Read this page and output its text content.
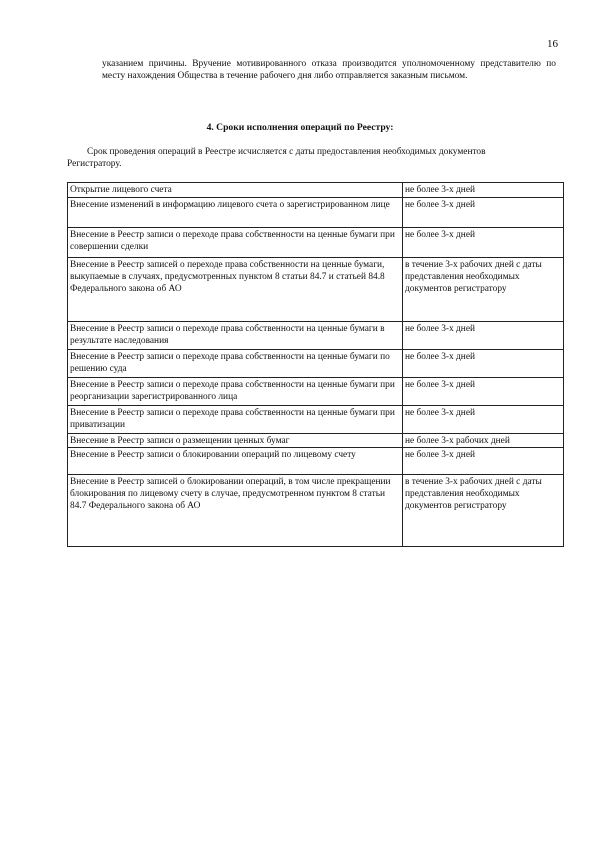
16
указанием причины. Вручение мотивированного отказа производится уполномоченному представителю по месту нахождения Общества в течение рабочего дня либо отправляется заказным письмом.
4. Сроки исполнения операций по Реестру:
Срок проведения операций в Реестре исчисляется с даты предоставления необходимых документов Регистратору.
Открытие лицевого счета	не более 3-х дней
Внесение изменений в информацию лицевого счета о зарегистрированном лице	не более 3-х дней
Внесение в Реестр записи о переходе права собственности на ценные бумаги при совершении сделки	не более 3-х дней
Внесение в Реестр записей о переходе права собственности на ценные бумаги, выкупаемые в случаях, предусмотренных пунктом 8 статьи 84.7 и статьей 84.8 Федерального закона об АО	в течение 3-х рабочих дней с даты представления необходимых документов регистратору
Внесение в Реестр записи о переходе права собственности на ценные бумаги в результате наследования	не более 3-х дней
Внесение в Реестр записи о переходе права собственности на ценные бумаги по решению суда	не более 3-х дней
Внесение в Реестр записи о переходе права собственности на ценные бумаги при реорганизации зарегистрированного лица	не более 3-х дней
Внесение в Реестр записи о переходе права собственности на ценные бумаги при приватизации	не более 3-х дней
Внесение в Реестр записи о размещении ценных бумаг	не более 3-х рабочих дней
Внесение в Реестр записи о блокировании операций по лицевому счету	не более 3-х дней
Внесение в Реестр записей о блокировании операций, в том числе прекращении блокирования по лицевому счету в случае, предусмотренном пунктом 8 статьи 84.7 Федерального закона об АО	в течение 3-х рабочих дней с даты представления необходимых документов регистратору
